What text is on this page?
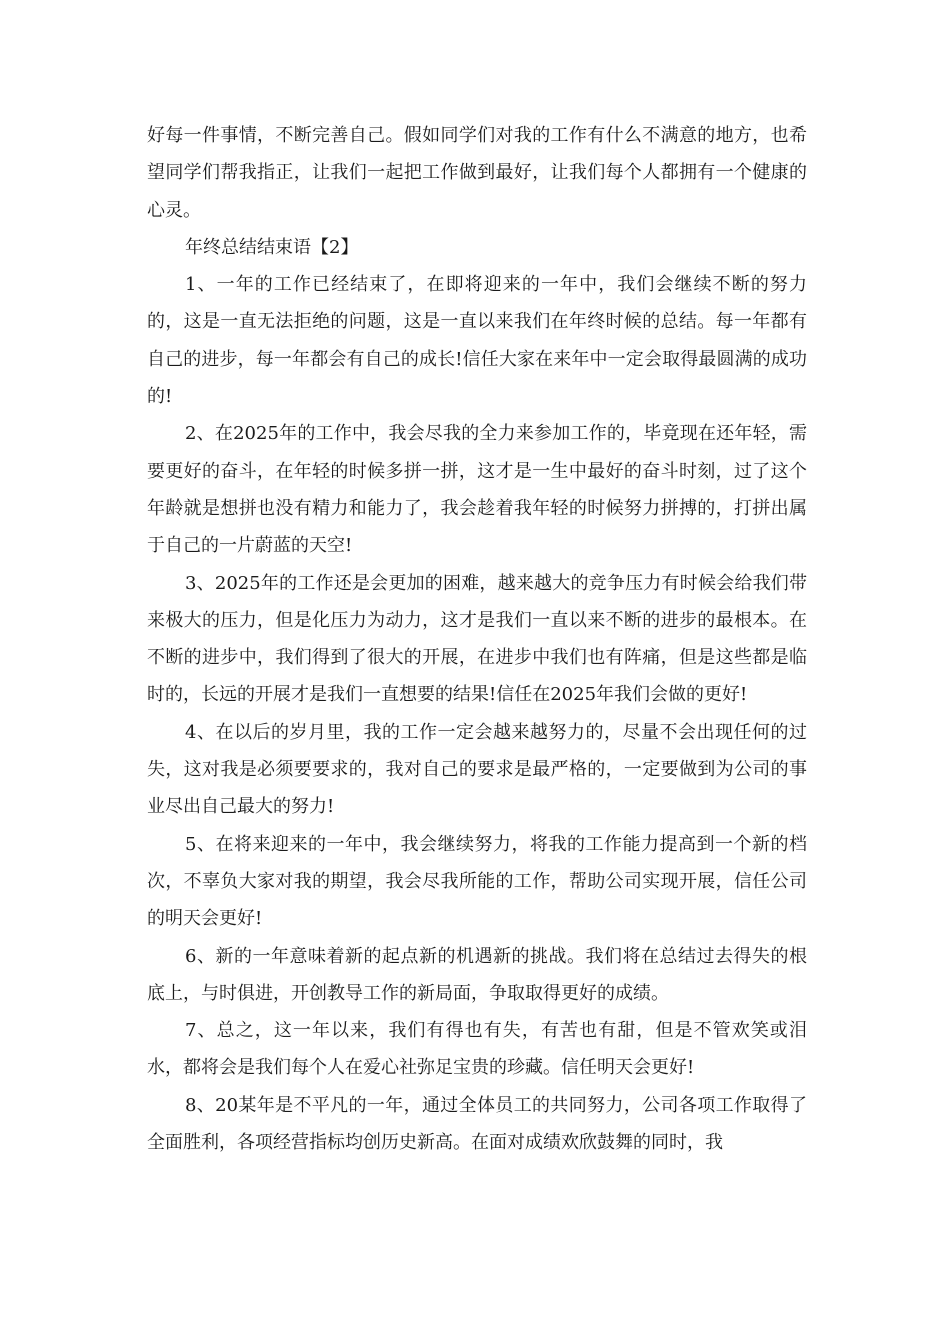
好每一件事情，不断完善自己。假如同学们对我的工作有什么不满意的地方，也希望同学们帮我指正，让我们一起把工作做到最好，让我们每个人都拥有一个健康的心灵。

年终总结结束语【2】

1、一年的工作已经结束了，在即将迎来的一年中，我们会继续不断的努力的，这是一直无法拒绝的问题，这是一直以来我们在年终时候的总结。每一年都有自己的进步，每一年都会有自己的成长!信任大家在来年中一定会取得最圆满的成功的!

2、在2025年的工作中，我会尽我的全力来参加工作的，毕竟现在还年轻，需要更好的奋斗，在年轻的时候多拼一拼，这才是一生中最好的奋斗时刻，过了这个年龄就是想拼也没有精力和能力了，我会趁着我年轻的时候努力拼搏的，打拼出属于自己的一片蔚蓝的天空!

3、2025年的工作还是会更加的困难，越来越大的竞争压力有时候会给我们带来极大的压力，但是化压力为动力，这才是我们一直以来不断的进步的最根本。在不断的进步中，我们得到了很大的开展，在进步中我们也有阵痛，但是这些都是临时的，长远的开展才是我们一直想要的结果!信任在2025年我们会做的更好!

4、在以后的岁月里，我的工作一定会越来越努力的，尽量不会出现任何的过失，这对我是必须要要求的，我对自己的要求是最严格的，一定要做到为公司的事业尽出自己最大的努力!

5、在将来迎来的一年中，我会继续努力，将我的工作能力提高到一个新的档次，不辜负大家对我的期望，我会尽我所能的工作，帮助公司实现开展，信任公司的明天会更好!

6、新的一年意味着新的起点新的机遇新的挑战。我们将在总结过去得失的根底上，与时俱进，开创教导工作的新局面，争取取得更好的成绩。

7、总之，这一年以来，我们有得也有失，有苦也有甜，但是不管欢笑或泪水，都将会是我们每个人在爱心社弥足宝贵的珍藏。信任明天会更好!

8、20某年是不平凡的一年，通过全体员工的共同努力，公司各项工作取得了全面胜利，各项经营指标均创历史新高。在面对成绩欢欣鼓舞的同时，我
